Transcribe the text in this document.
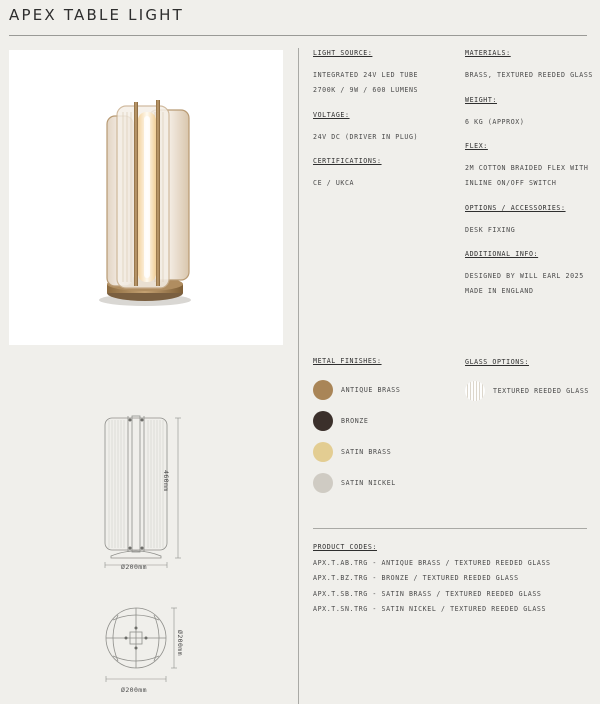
APEX TABLE LIGHT
LIGHT SOURCE:
INTEGRATED 24V LED TUBE
2700K / 9W / 600 LUMENS
VOLTAGE:
24V DC (DRIVER IN PLUG)
CERTIFICATIONS:
CE / UKCA
MATERIALS:
BRASS, TEXTURED REEDED GLASS
WEIGHT:
6 KG (APPROX)
FLEX:
2M COTTON BRAIDED FLEX WITH
INLINE ON/OFF SWITCH
OPTIONS / ACCESSORIES:
DESK FIXING
ADDITIONAL INFO:
DESIGNED BY WILL EARL 2025
MADE IN ENGLAND
METAL FINISHES:
ANTIQUE BRASS
BRONZE
SATIN BRASS
SATIN NICKEL
GLASS OPTIONS:
TEXTURED REEDED GLASS
PRODUCT CODES:
APX.T.AB.TRG - ANTIQUE BRASS / TEXTURED REEDED GLASS
APX.T.BZ.TRG - BRONZE / TEXTURED REEDED GLASS
APX.T.SB.TRG - SATIN BRASS / TEXTURED REEDED GLASS
APX.T.SN.TRG - SATIN NICKEL / TEXTURED REEDED GLASS
460mm
Ø200mm
Ø200mm
Ø200mm
